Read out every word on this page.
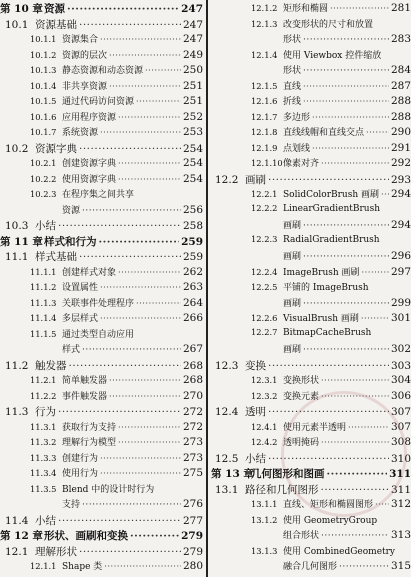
第 10 章 资源 ·····	247
10.1 资源基础 ·····	247
10.1.1 资源集合 ·····	247
10.1.2 资源的层次 ·····	249
10.1.3 静态资源和动态资源 ·····	250
10.1.4 非共享资源 ·····	251
10.1.5 通过代码访问资源 ·····	251
10.1.6 应用程序资源 ·····	252
10.1.7 系统资源 ·····	253
10.2 资源字典 ·····	254
10.2.1 创建资源字典 ·····	254
10.2.2 使用资源字典 ·····	254
10.2.3 在程序集之间共享
资源 ·····	256
10.3 小结 ·····	258
第 11 章 样式和行为 ·····	259
11.1 样式基础 ·····	259
11.1.1 创建样式对象 ·····	262
11.1.2 设置属性 ·····	263
11.1.3 关联事件处理程序 ·····	264
11.1.4 多层样式 ·····	266
11.1.5 通过类型自动应用
样式 ·····	267
11.2 触发器 ·····	268
11.2.1 简单触发器 ·····	268
11.2.2 事件触发器 ·····	270
11.3 行为 ·····	272
11.3.1 获取行为支持 ·····	272
11.3.2 理解行为模型 ·····	273
11.3.3 创建行为 ·····	273
11.3.4 使用行为 ·····	275
11.3.5 Blend 中的设计时行为
支持 ·····	276
11.4 小结 ·····	277
第 12 章 形状、画刷和变换 ·····	279
12.1 理解形状 ·····	279
12.1.1 Shape 类 ·····	280
12.1.2 矩形和椭圆 ·····	281
12.1.3 改变形状的尺寸和放置
形状 ·····	283
12.1.4 使用 Viewbox 控件缩放
形状 ·····	284
12.1.5 直线 ·····	287
12.1.6 折线 ·····	288
12.1.7 多边形 ·····	288
12.1.8 直线线帽和直线交点 ·····	290
12.1.9 点划线 ·····	291
12.1.10 像素对齐 ·····	292
12.2 画刷 ·····	293
12.2.1 SolidColorBrush 画刷 ····· 294
12.2.2 LinearGradientBrush
画刷 ·····	294
12.2.3 RadialGradientBrush
画刷 ·····	296
12.2.4 ImageBrush 画刷 ·····	297
12.2.5 平铺的 ImageBrush
画刷 ·····	299
12.2.6 VisualBrush 画刷 ·····	301
12.2.7 BitmapCacheBrush
画刷 ·····	302
12.3 变换 ·····	303
12.3.1 变换形状 ·····	304
12.3.2 变换元素 ·····	306
12.4 透明 ·····	307
12.4.1 使用元素半透明 ·····	307
12.4.2 透明掩码 ·····	308
12.5 小结 ·····	310
第 13 章
几何图形和图画 ·····	311
13.1 路径和几何图形 ·····	311
13.1.1 直线、矩形和椭圆图形 ····· 312
13.1.2 使用 GeometryGroup
组合形状 ·····	313
13.1.3 使用 CombinedGeometry
融合几何图形 ·····	315
